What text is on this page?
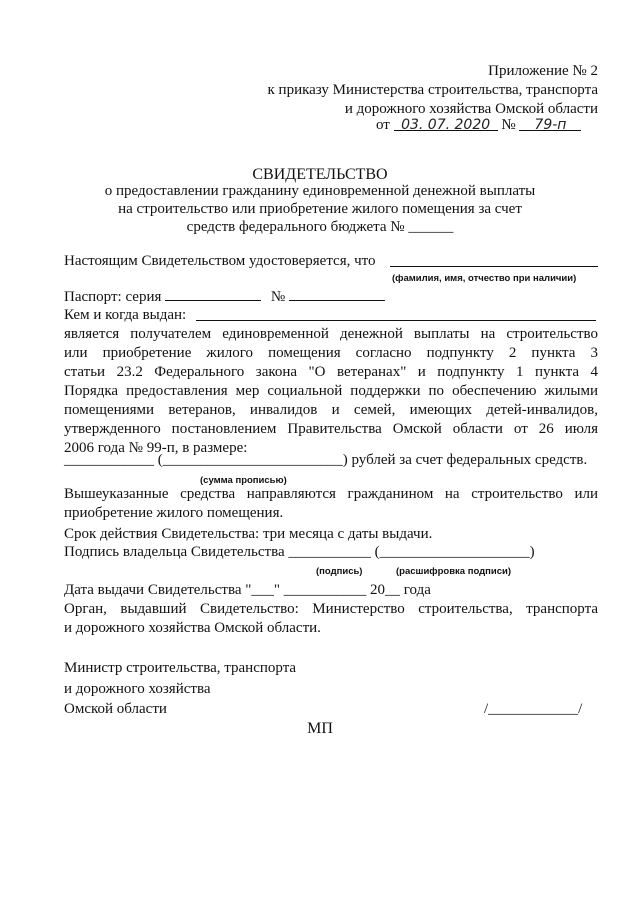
Приложение № 2
к приказу Министерства строительства, транспорта
и дорожного хозяйства Омской области
от 03. 07. 2020 № 79-п
СВИДЕТЕЛЬСТВО
о предоставлении гражданину единовременной денежной выплаты
на строительство или приобретение жилого помещения за счет
средств федерального бюджета № ______
Настоящим Свидетельством удостоверяется, что
(фамилия, имя, отчество при наличии)
Паспорт: серия	№
Кем и когда выдан:
является получателем единовременной денежной выплаты на строительство
или приобретение жилого помещения согласно подпункту 2 пункта 3
статьи 23.2 Федерального закона "О ветеранах" и подпункту 1 пункта 4
Порядка предоставления мер социальной поддержки по обеспечению жилыми
помещениями ветеранов, инвалидов и семей, имеющих детей-инвалидов,
утвержденного постановлением Правительства Омской области от 26 июля
2006 года № 99-п, в размере:
____________ (________________________) рублей за счет федеральных средств.
(сумма прописью)
Вышеуказанные средства направляются гражданином на строительство или
приобретение жилого помещения.
Срок действия Свидетельства: три месяца с даты выдачи.
Подпись владельца Свидетельства ___________ (____________________)
(подпись)	(расшифровка подписи)
Дата выдачи Свидетельства "___" ___________ 20__ года
Орган, выдавший Свидетельство: Министерство строительства, транспорта
и дорожного хозяйства Омской области.
Министр строительства, транспорта
и дорожного хозяйства
Омской области	/____________/
МП
